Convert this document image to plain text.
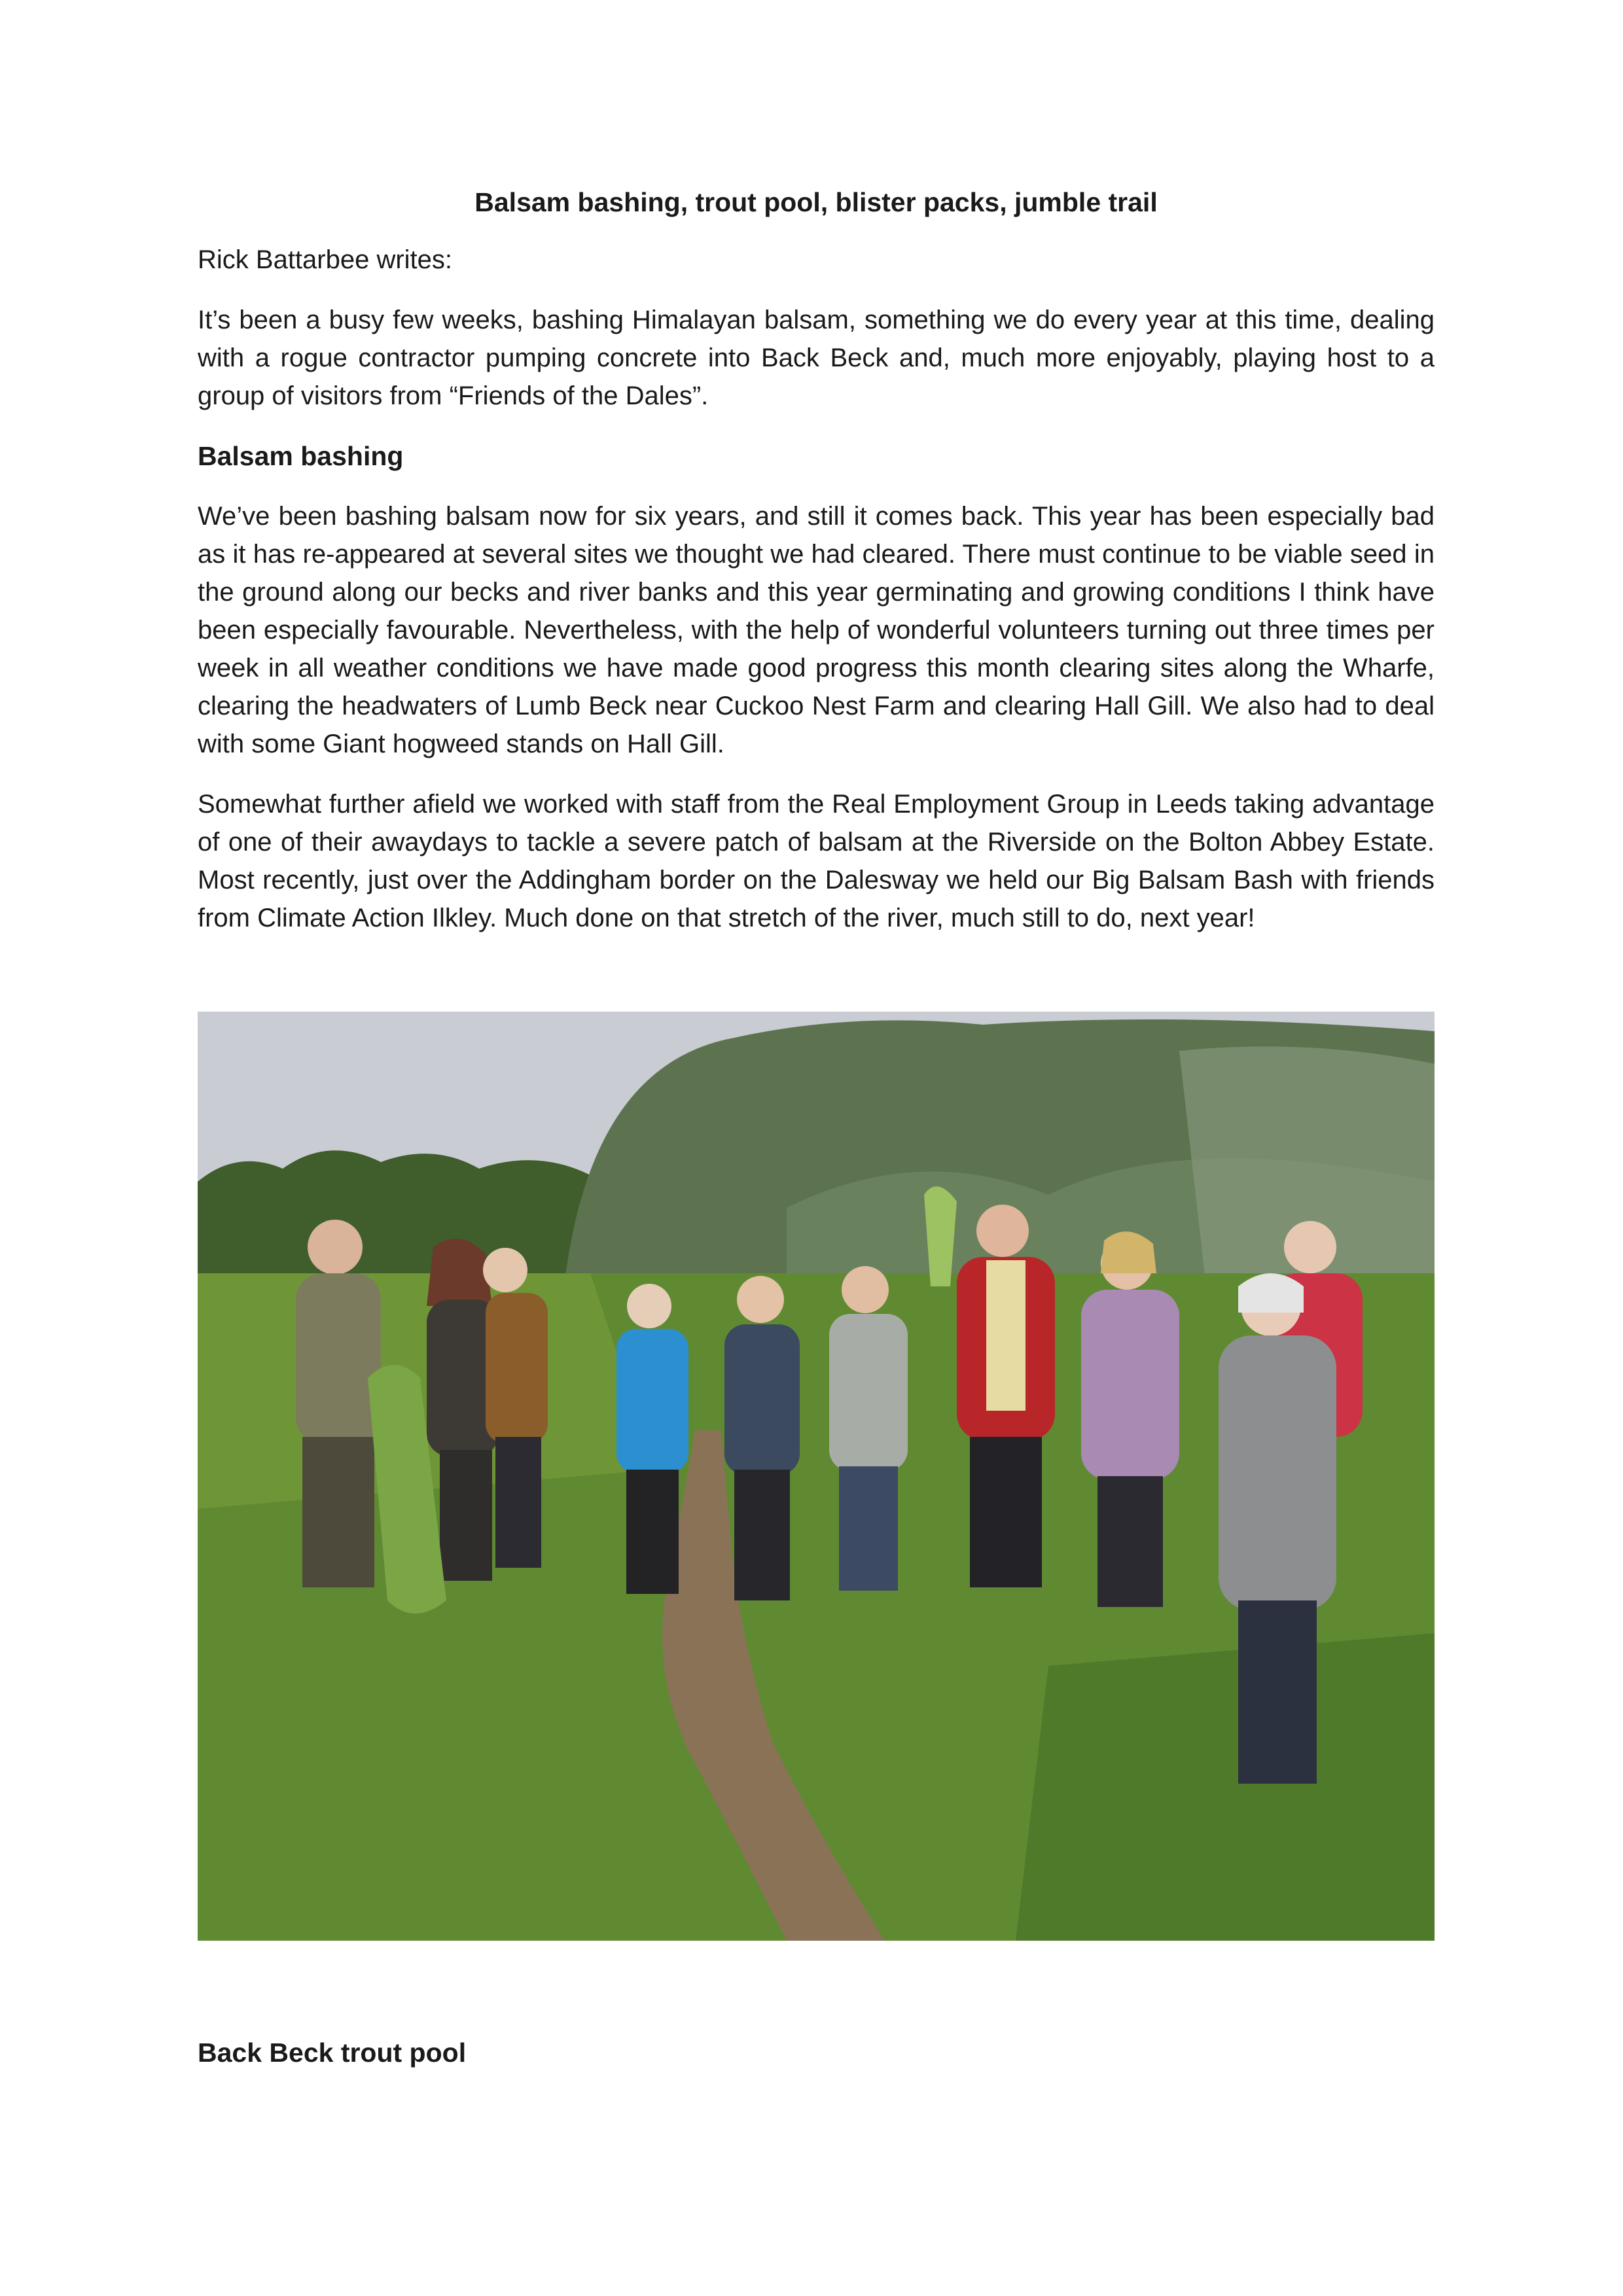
Balsam bashing, trout pool, blister packs, jumble trail
Rick Battarbee writes:
It’s been a busy few weeks, bashing Himalayan balsam, something we do every year at this time, dealing with a rogue contractor pumping concrete into Back Beck and, much more enjoyably, playing host to a group of visitors from “Friends of the Dales”.
Balsam bashing
We’ve been bashing balsam now for six years, and still it comes back. This year has been especially bad as it has re-appeared at several sites we thought we had cleared. There must continue to be viable seed in the ground along our becks and river banks and this year germinating and growing conditions I think have been especially favourable. Nevertheless, with the help of wonderful volunteers turning out three times per week in all weather conditions we have made good progress this month clearing sites along the Wharfe, clearing the headwaters of Lumb Beck near Cuckoo Nest Farm and clearing Hall Gill. We also had to deal with some Giant hogweed stands on Hall Gill.
Somewhat further afield we worked with staff from the Real Employment Group in Leeds taking advantage of one of their awaydays to tackle a severe patch of balsam at the Riverside on the Bolton Abbey Estate. Most recently, just over the Addingham border on the Dalesway we held our Big Balsam Bash with friends from Climate Action Ilkley. Much done on that stretch of the river, much still to do, next year!
Back Beck trout pool
